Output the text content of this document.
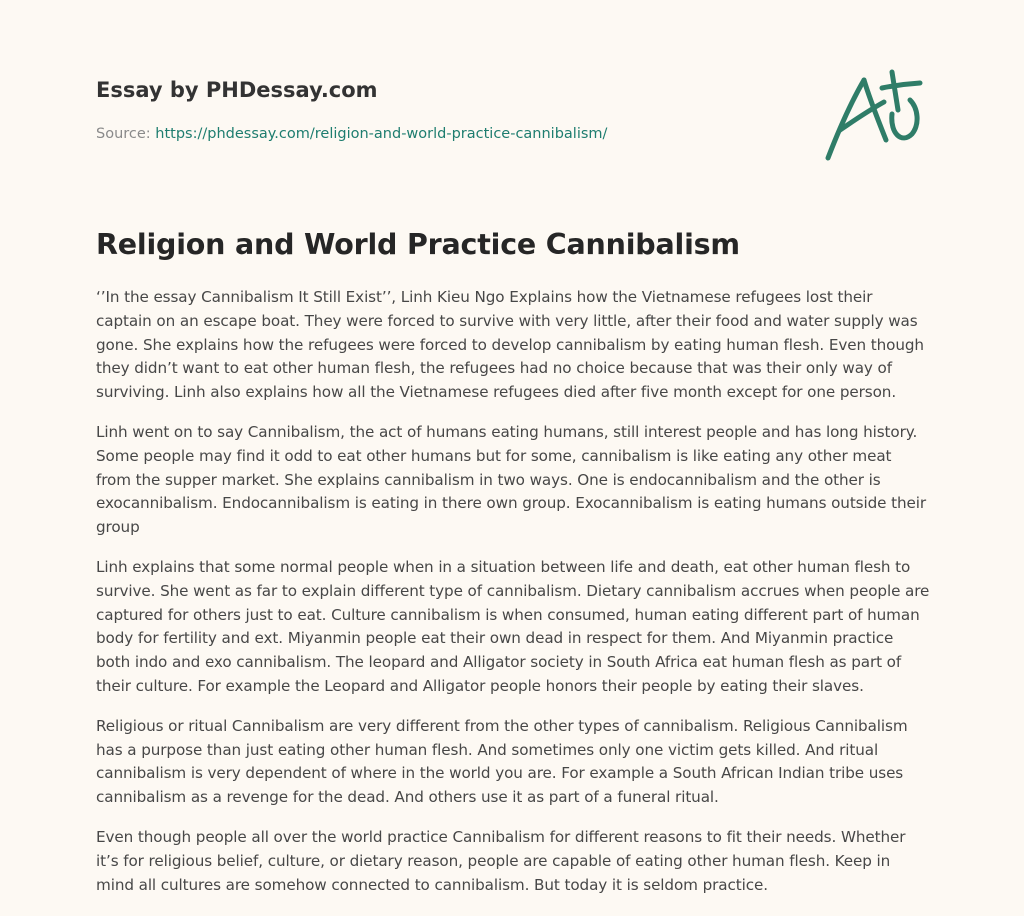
Essay by PHDessay.com
Source: https://phdessay.com/religion-and-world-practice-cannibalism/
Religion and World Practice Cannibalism

‘’In the essay Cannibalism It Still Exist’’, Linh Kieu Ngo Explains how the Vietnamese refugees lost their captain on an escape boat. They were forced to survive with very little, after their food and water supply was gone. She explains how the refugees were forced to develop cannibalism by eating human flesh. Even though they didn’t want to eat other human flesh, the refugees had no choice because that was their only way of surviving. Linh also explains how all the Vietnamese refugees died after five month except for one person.

Linh went on to say Cannibalism, the act of humans eating humans, still interest people and has long history. Some people may find it odd to eat other humans but for some, cannibalism is like eating any other meat from the supper market. She explains cannibalism in two ways. One is endocannibalism and the other is exocannibalism. Endocannibalism is eating in there own group. Exocannibalism is eating humans outside their group

Linh explains that some normal people when in a situation between life and death, eat other human flesh to survive. She went as far to explain different type of cannibalism. Dietary cannibalism accrues when people are captured for others just to eat. Culture cannibalism is when consumed, human eating different part of human body for fertility and ext. Miyanmin people eat their own dead in respect for them. And Miyanmin practice both indo and exo cannibalism. The leopard and Alligator society in South Africa eat human flesh as part of their culture. For example the Leopard and Alligator people honors their people by eating their slaves.

Religious or ritual Cannibalism are very different from the other types of cannibalism. Religious Cannibalism has a purpose than just eating other human flesh. And sometimes only one victim gets killed. And ritual cannibalism is very dependent of where in the world you are. For example a South African Indian tribe uses cannibalism as a revenge for the dead. And others use it as part of a funeral ritual.

Even though people all over the world practice Cannibalism for different reasons to fit their needs. Whether it’s for religious belief, culture, or dietary reason, people are capable of eating other human flesh. Keep in mind all cultures are somehow connected to cannibalism. But today it is seldom practice.
